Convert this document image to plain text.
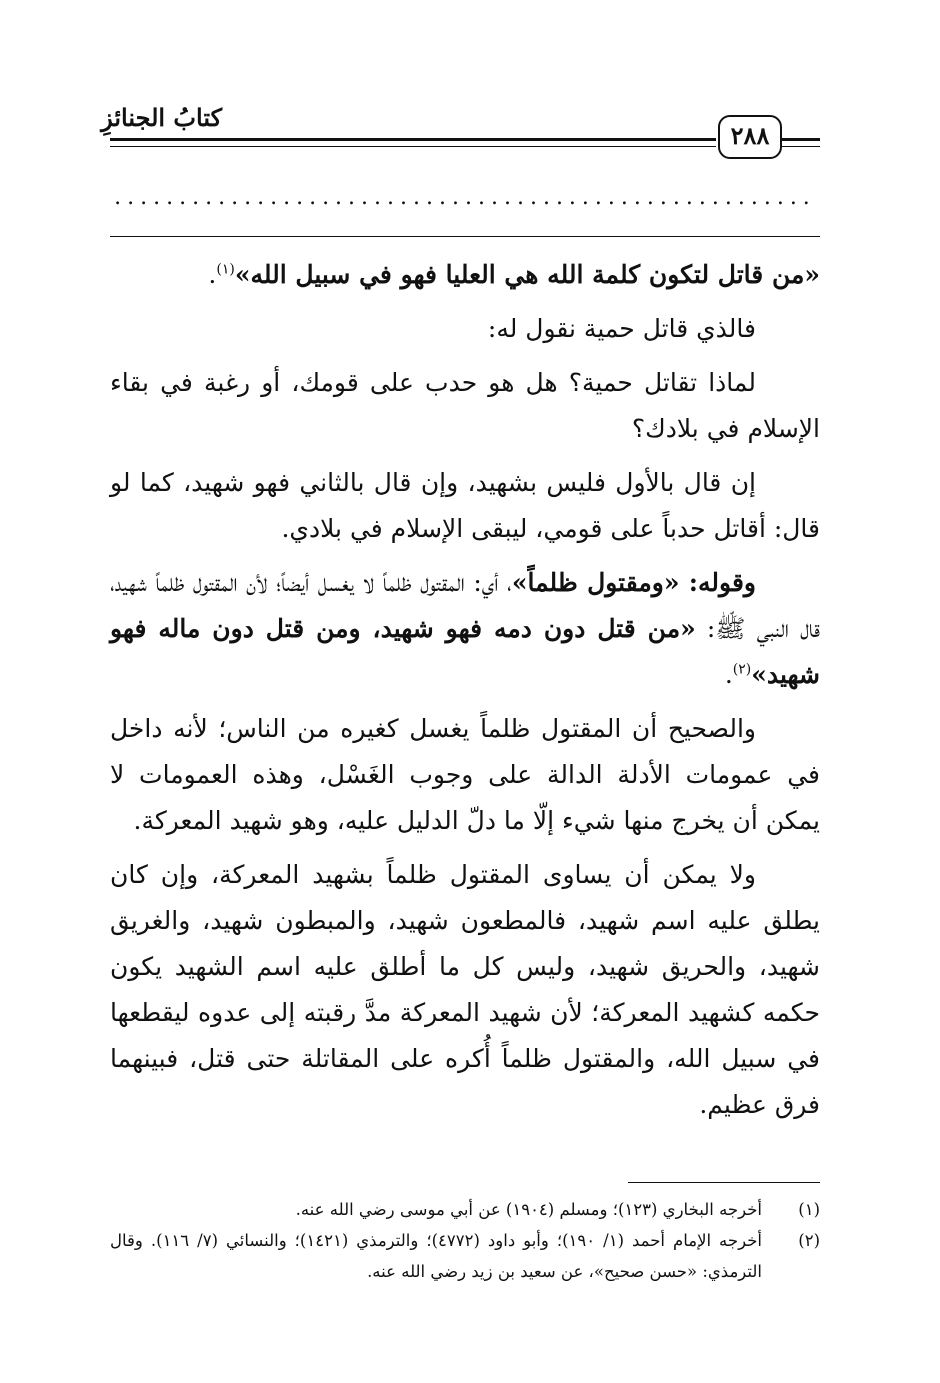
كتابُ الجنائزِ
٢٨٨
......................................................

«من قاتل لتكون كلمة الله هي العليا فهو في سبيل الله»$^{(١)}$.

فالذي قاتل حمية نقول له:

لماذا تقاتل حمية؟ هل هو حدب على قومك، أو رغبة في بقاء الإسلام في بلادك؟

إن قال بالأول فليس بشهيد، وإن قال بالثاني فهو شهيد، كما لو قال: أقاتل حدباً على قومي، ليبقى الإسلام في بلادي.

وقوله: «ومقتول ظلماً»، أي: المقتول ظلماً لا يغسل أيضاً؛ لأن المقتول ظلماً شهيد، قال النبي ﷺ: «من قتل دون دمه فهو شهيد، ومن قتل دون ماله فهو شهيد»$^{(٢)}$.

والصحيح أن المقتول ظلماً يغسل كغيره من الناس؛ لأنه داخل في عمومات الأدلة الدالة على وجوب الغَسْل، وهذه العمومات لا يمكن أن يخرج منها شيء إلّا ما دلّ الدليل عليه، وهو شهيد المعركة.

ولا يمكن أن يساوى المقتول ظلماً بشهيد المعركة، وإن كان يطلق عليه اسم شهيد، فالمطعون شهيد، والمبطون شهيد، والغريق شهيد، والحريق شهيد، وليس كل ما أطلق عليه اسم الشهيد يكون حكمه كشهيد المعركة؛ لأن شهيد المعركة مدَّ رقبته إلى عدوه ليقطعها في سبيل الله، والمقتول ظلماً أُكره على المقاتلة حتى قتل، فبينهما فرق عظيم.

(١)
أخرجه البخاري (١٢٣)؛ ومسلم (١٩٠٤) عن أبي موسى رضي الله عنه.
(٢)
أخرجه الإمام أحمد (١/ ١٩٠)؛ وأبو داود (٤٧٧٢)؛ والترمذي (١٤٢١)؛ والنسائي (٧/ ١١٦). وقال الترمذي: «حسن صحيح»، عن سعيد بن زيد رضي الله عنه.
